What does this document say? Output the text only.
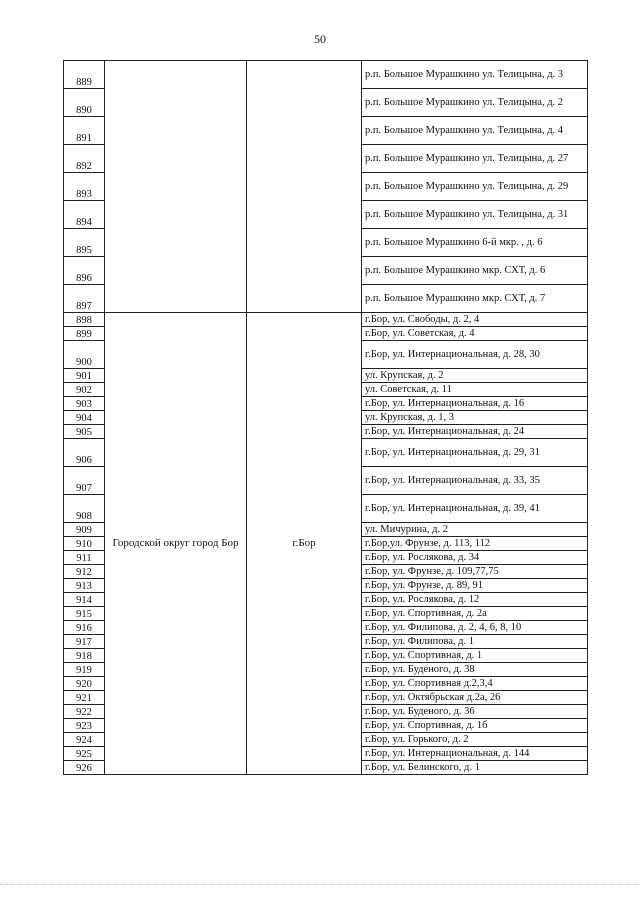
50
889			р.п. Большое Мурашкино ул. Телицына, д. 3
890			р.п. Большое Мурашкино ул. Телицына, д. 2
891			р.п. Большое Мурашкино ул. Телицына, д. 4
892			р.п. Большое Мурашкино ул. Телицына, д. 27
893			р.п. Большое Мурашкино ул. Телицына, д. 29
894			р.п. Большое Мурашкино ул. Телицына, д. 31
895			р.п. Большое Мурашкино 6-й мкр. , д. 6
896			р.п. Большое Мурашкино мкр. СХТ, д. 6
897			р.п. Большое Мурашкино мкр. СХТ, д. 7
898	Городской округ город Бор	г.Бор	г.Бор, ул. Свободы, д. 2, 4
899			г.Бор, ул. Советская, д. 4
900			г.Бор, ул. Интернациональная, д. 28, 30
901			ул. Крупская, д. 2
902			ул. Советская, д. 11
903			г.Бор, ул. Интернациональная, д. 16
904			ул. Крупская, д. 1, 3
905			г.Бор, ул. Интернациональная, д. 24
906			г.Бор, ул. Интернациональная, д. 29, 31
907			г.Бор, ул. Интернациональная, д. 33, 35
908			г.Бор, ул. Интернациональная, д. 39, 41
909			ул. Мичурина, д. 2
910			г.Бор,ул. Фрунзе, д. 113, 112
911			г.Бор, ул. Рослякова, д. 34
912			г.Бор, ул. Фрунзе, д. 109,77,75
913			г.Бор, ул. Фрунзе, д. 89, 91
914			г.Бор, ул. Рослякова, д. 12
915			г.Бор, ул. Спортивная, д. 2а
916			г.Бор, ул. Филипова, д. 2, 4, 6, 8, 10
917			г.Бор, ул. Филипова, д. 1
918			г.Бор, ул. Спортивная, д. 1
919			г.Бор, ул. Буденого, д. 38
920			г.Бор, ул. Спортивная д.2,3,4
921			г.Бор, ул. Октябрьская д.2а, 26
922			г.Бор, ул. Буденого, д. 36
923			г.Бор, ул. Спортивная, д. 1б
924			г.Бор, ул. Горького, д. 2
925			г.Бор, ул. Интернациональная, д. 144
926			г.Бор, ул. Белинского, д. 1
